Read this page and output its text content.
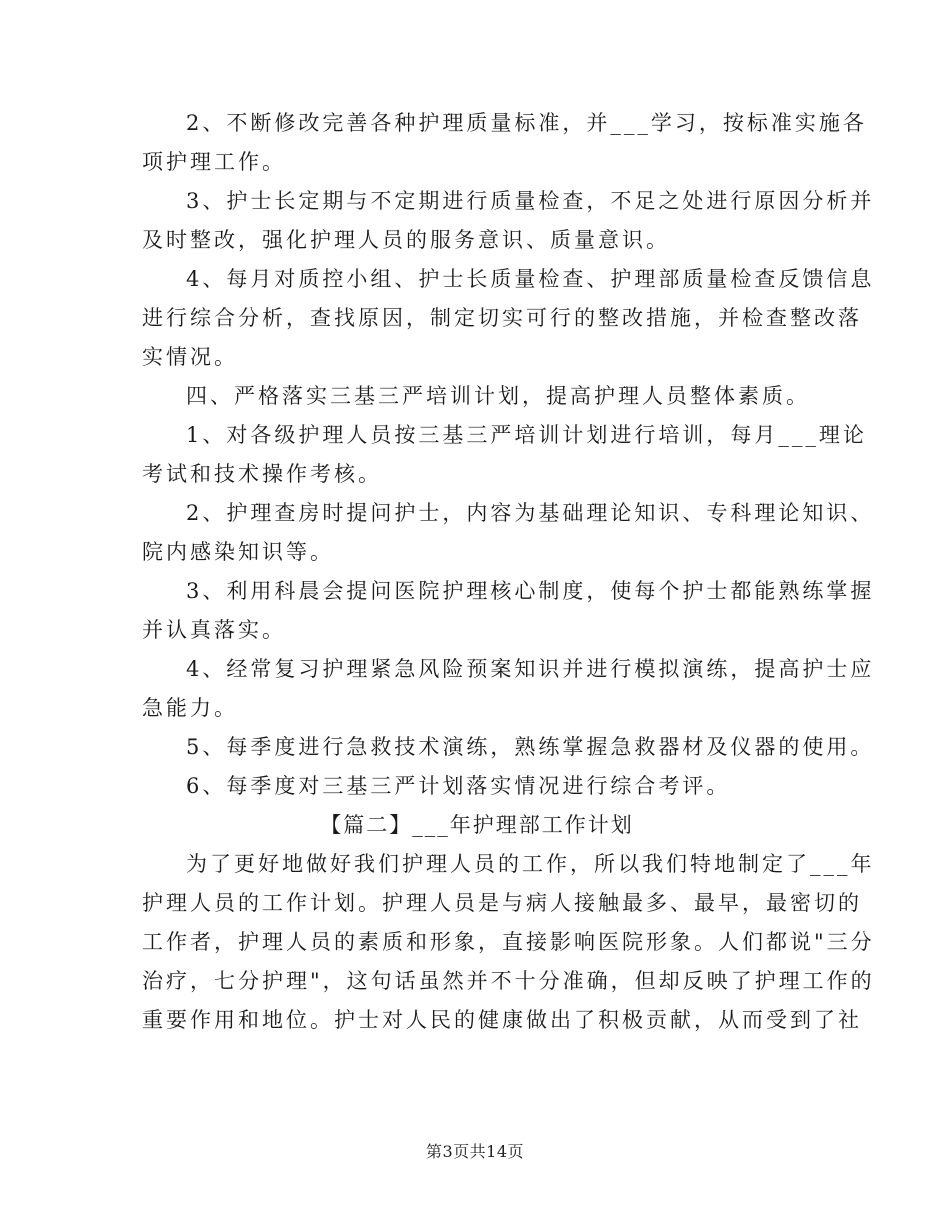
2、不断修改完善各种护理质量标准，并___学习，按标准实施各
项护理工作。
3、护士长定期与不定期进行质量检查，不足之处进行原因分析并
及时整改，强化护理人员的服务意识、质量意识。
4、每月对质控小组、护士长质量检查、护理部质量检查反馈信息
进行综合分析，查找原因，制定切实可行的整改措施，并检查整改落
实情况。
四、严格落实三基三严培训计划，提高护理人员整体素质。
1、对各级护理人员按三基三严培训计划进行培训，每月___理论
考试和技术操作考核。
2、护理查房时提问护士，内容为基础理论知识、专科理论知识、
院内感染知识等。
3、利用科晨会提问医院护理核心制度，使每个护士都能熟练掌握
并认真落实。
4、经常复习护理紧急风险预案知识并进行模拟演练，提高护士应
急能力。
5、每季度进行急救技术演练，熟练掌握急救器材及仪器的使用。
6、每季度对三基三严计划落实情况进行综合考评。
【篇二】___年护理部工作计划
为了更好地做好我们护理人员的工作，所以我们特地制定了___年
护理人员的工作计划。护理人员是与病人接触最多、最早，最密切的
工作者，护理人员的素质和形象，直接影响医院形象。人们都说"三分
治疗，七分护理"，这句话虽然并不十分准确，但却反映了护理工作的
重要作用和地位。护士对人民的健康做出了积极贡献，从而受到了社
第3页共14页
